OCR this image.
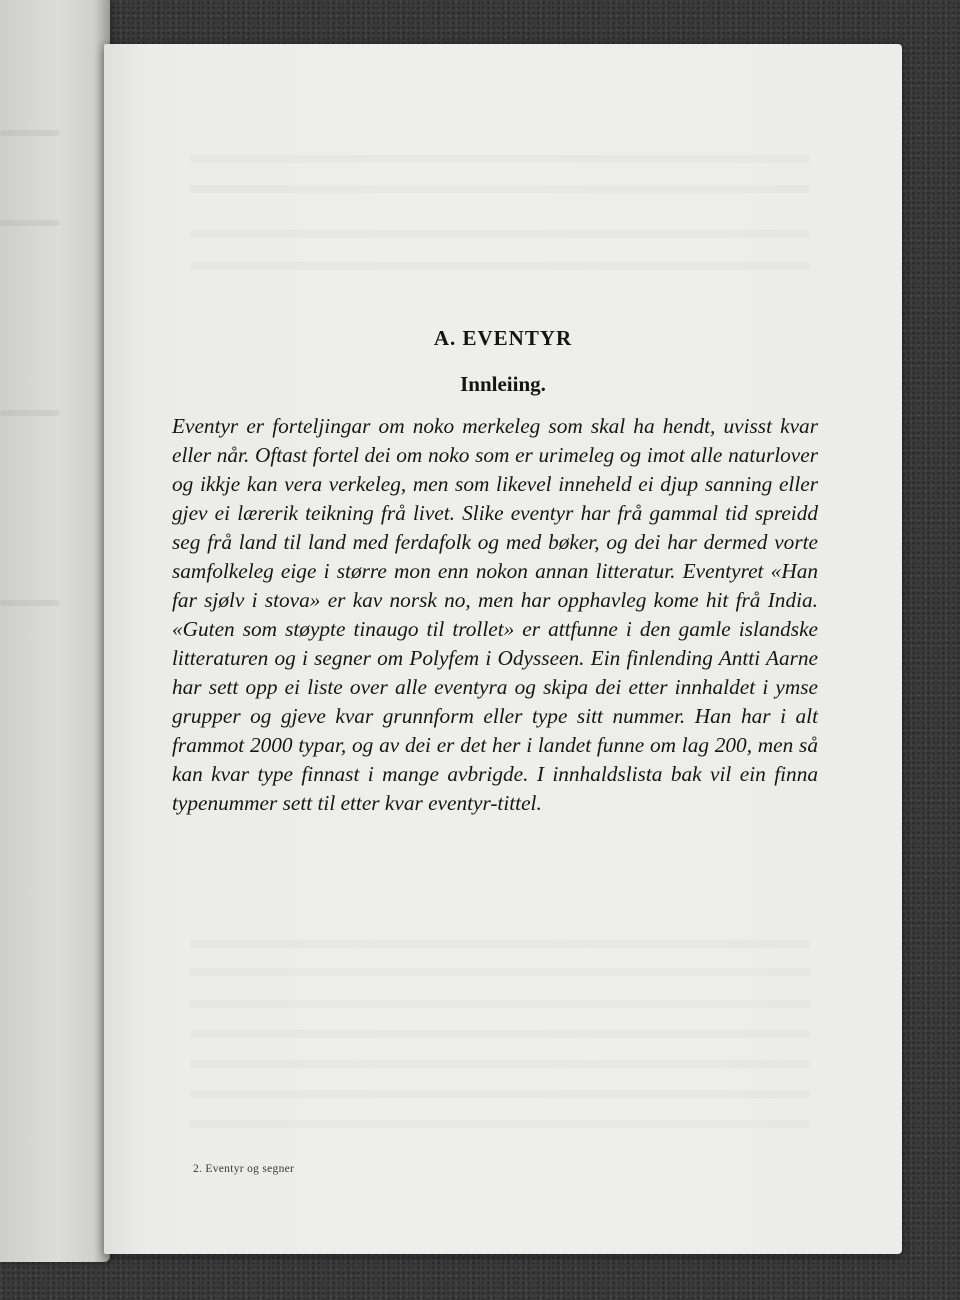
A. EVENTYR
Innleiing.

Eventyr er forteljingar om noko merkeleg som skal ha hendt, uvisst kvar eller når. Oftast fortel dei om noko som er urimeleg og imot alle naturlover og ikkje kan vera verkeleg, men som likevel inneheld ei djup sanning eller gjev ei lærerik teikning frå livet. Slike eventyr har frå gammal tid spreidd seg frå land til land med ferdafolk og med bøker, og dei har dermed vorte samfolkeleg eige i større mon enn nokon annan litteratur. Eventyret «Han far sjølv i stova» er kav norsk no, men har opphavleg kome hit frå India. «Guten som støypte tinaugo til trollet» er attfunne i den gamle islandske litteraturen og i segner om Polyfem i Odysseen. Ein finlending Antti Aarne har sett opp ei liste over alle eventyra og skipa dei etter innhaldet i ymse grupper og gjeve kvar grunnform eller type sitt nummer. Han har i alt frammot 2000 typar, og av dei er det her i landet funne om lag 200, men så kan kvar type finnast i mange avbrigde. I innhaldslista bak vil ein finna typenummer sett til etter kvar eventyr-tittel.

2. Eventyr og segner
